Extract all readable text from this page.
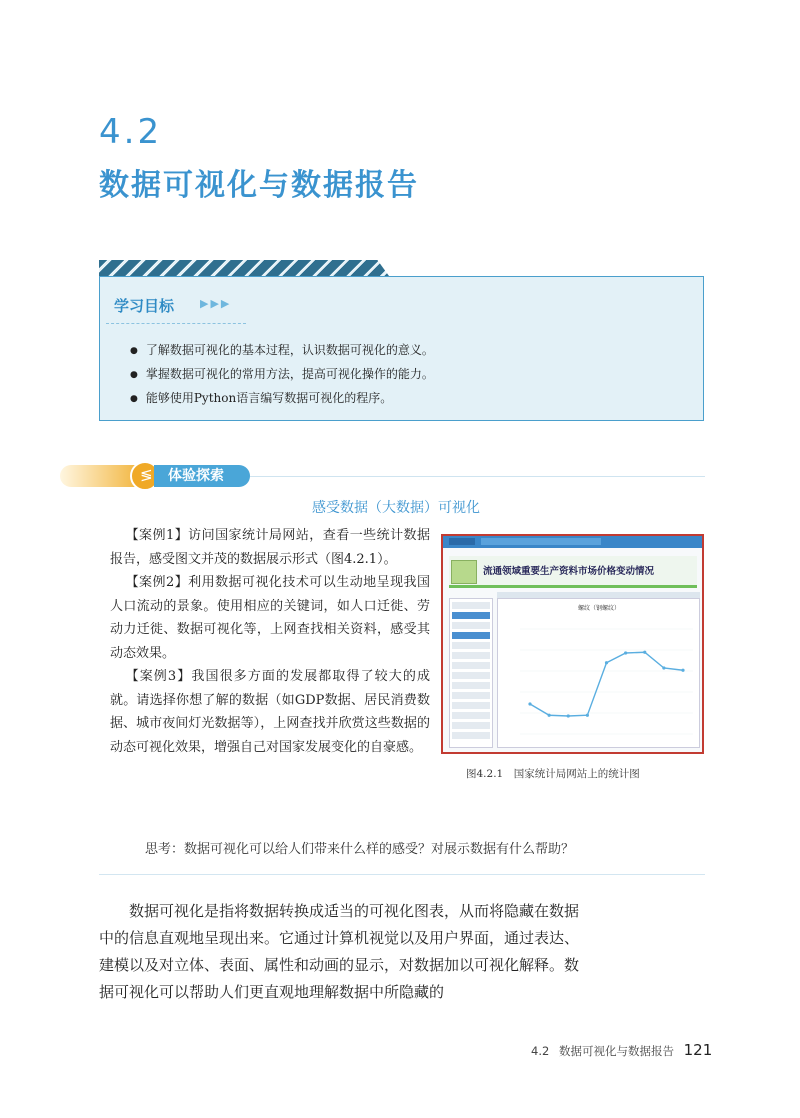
4.2
数据可视化与数据报告
学习目标 ▶▶▶
● 了解数据可视化的基本过程，认识数据可视化的意义。
● 掌握数据可视化的常用方法，提高可视化操作的能力。
● 能够使用Python语言编写数据可视化的程序。
≶	体验探索
感受数据（大数据）可视化

【案例1】访问国家统计局网站，查看一些统计数据报告，感受图文并茂的数据展示形式（图4.2.1）。

【案例2】利用数据可视化技术可以生动地呈现我国人口流动的景象。使用相应的关键词，如人口迁徙、劳动力迁徙、数据可视化等，上网查找相关资料，感受其动态效果。

【案例3】我国很多方面的发展都取得了较大的成就。请选择你想了解的数据（如GDP数据、居民消费数据、城市夜间灯光数据等），上网查找并欣赏这些数据的动态可视化效果，增强自己对国家发展变化的自豪感。

流通领域重要生产资料市场价格变动情况
螺纹（钢螺纹）
图4.2.1　国家统计局网站上的统计图
思考：数据可视化可以给人们带来什么样的感受？对展示数据有什么帮助？

数据可视化是指将数据转换成适当的可视化图表，从而将隐藏在数据中的信息直观地呈现出来。它通过计算机视觉以及用户界面，通过表达、建模以及对立体、表面、属性和动画的显示，对数据加以可视化解释。数据可视化可以帮助人们更直观地理解数据中所隐藏的

4.2 数据可视化与数据报告 121
